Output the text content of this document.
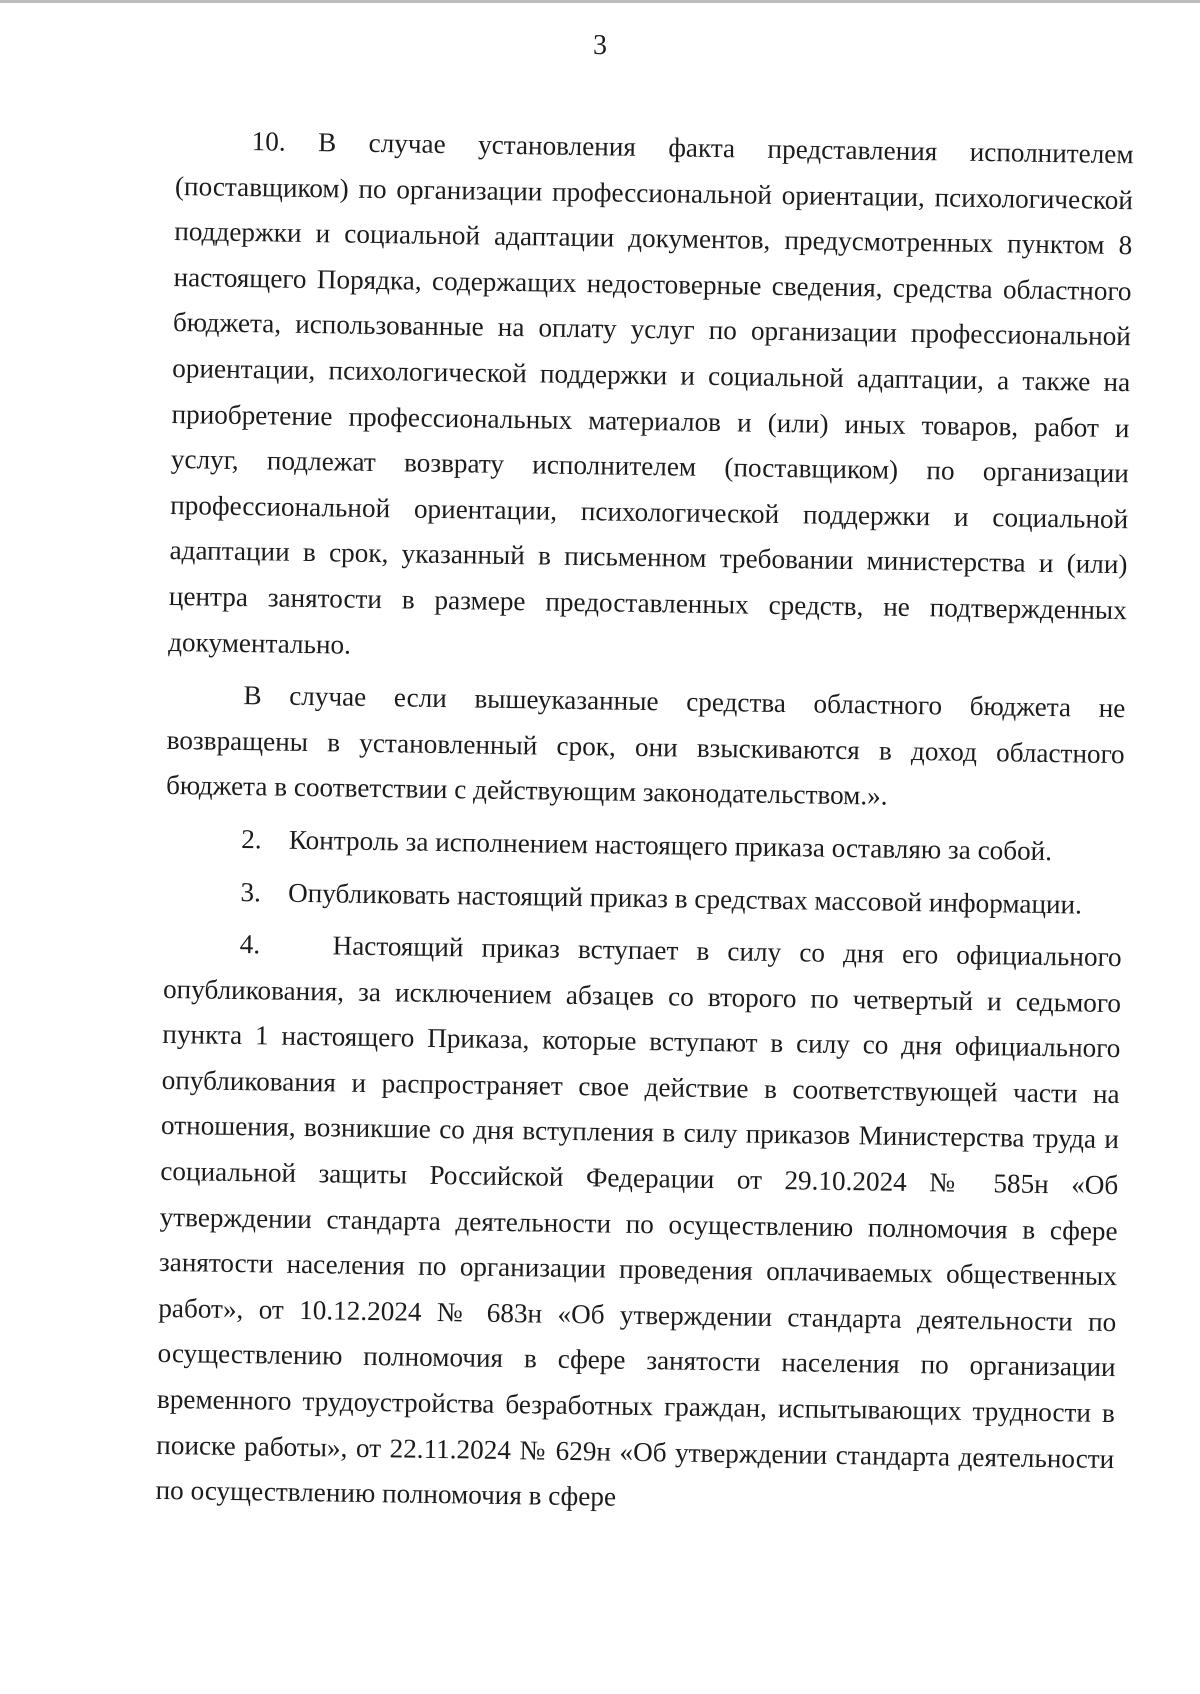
3

10. В случае установления факта представления исполнителем (поставщиком) по организации профессиональной ориентации, психологической поддержки и социальной адаптации документов, предусмотренных пунктом 8 настоящего Порядка, содержащих недостоверные сведения, средства областного бюджета, использованные на оплату услуг по организации профессиональной ориентации, психологической поддержки и социальной адаптации, а также на приобретение профессиональных материалов и (или) иных товаров, работ и услуг, подлежат возврату исполнителем (поставщиком) по организации профессиональной ориентации, психологической поддержки и социальной адаптации в срок, указанный в письменном требовании министерства и (или) центра занятости в размере предоставленных средств, не подтвержденных документально.

В случае если вышеуказанные средства областного бюджета не возвращены в установленный срок, они взыскиваются в доход областного бюджета в соответствии с действующим законодательством.».

2.    Контроль за исполнением настоящего приказа оставляю за собой.

3.    Опубликовать настоящий приказ в средствах массовой информации.

4.    Настоящий приказ вступает в силу со дня его официального опубликования, за исключением абзацев со второго по четвертый и седьмого пункта 1 настоящего Приказа, которые вступают в силу со дня официального опубликования и распространяет свое действие в соответствующей части на отношения, возникшие со дня вступления в силу приказов Министерства труда и социальной защиты Российской Федерации от 29.10.2024 № 585н «Об утверждении стандарта деятельности по осуществлению полномочия в сфере занятости населения по организации проведения оплачиваемых общественных работ», от 10.12.2024 № 683н «Об утверждении стандарта деятельности по осуществлению полномочия в сфере занятости населения по организации временного трудоустройства безработных граждан, испытывающих трудности в поиске работы», от 22.11.2024 № 629н «Об утверждении стандарта деятельности по осуществлению полномочия в сфере
